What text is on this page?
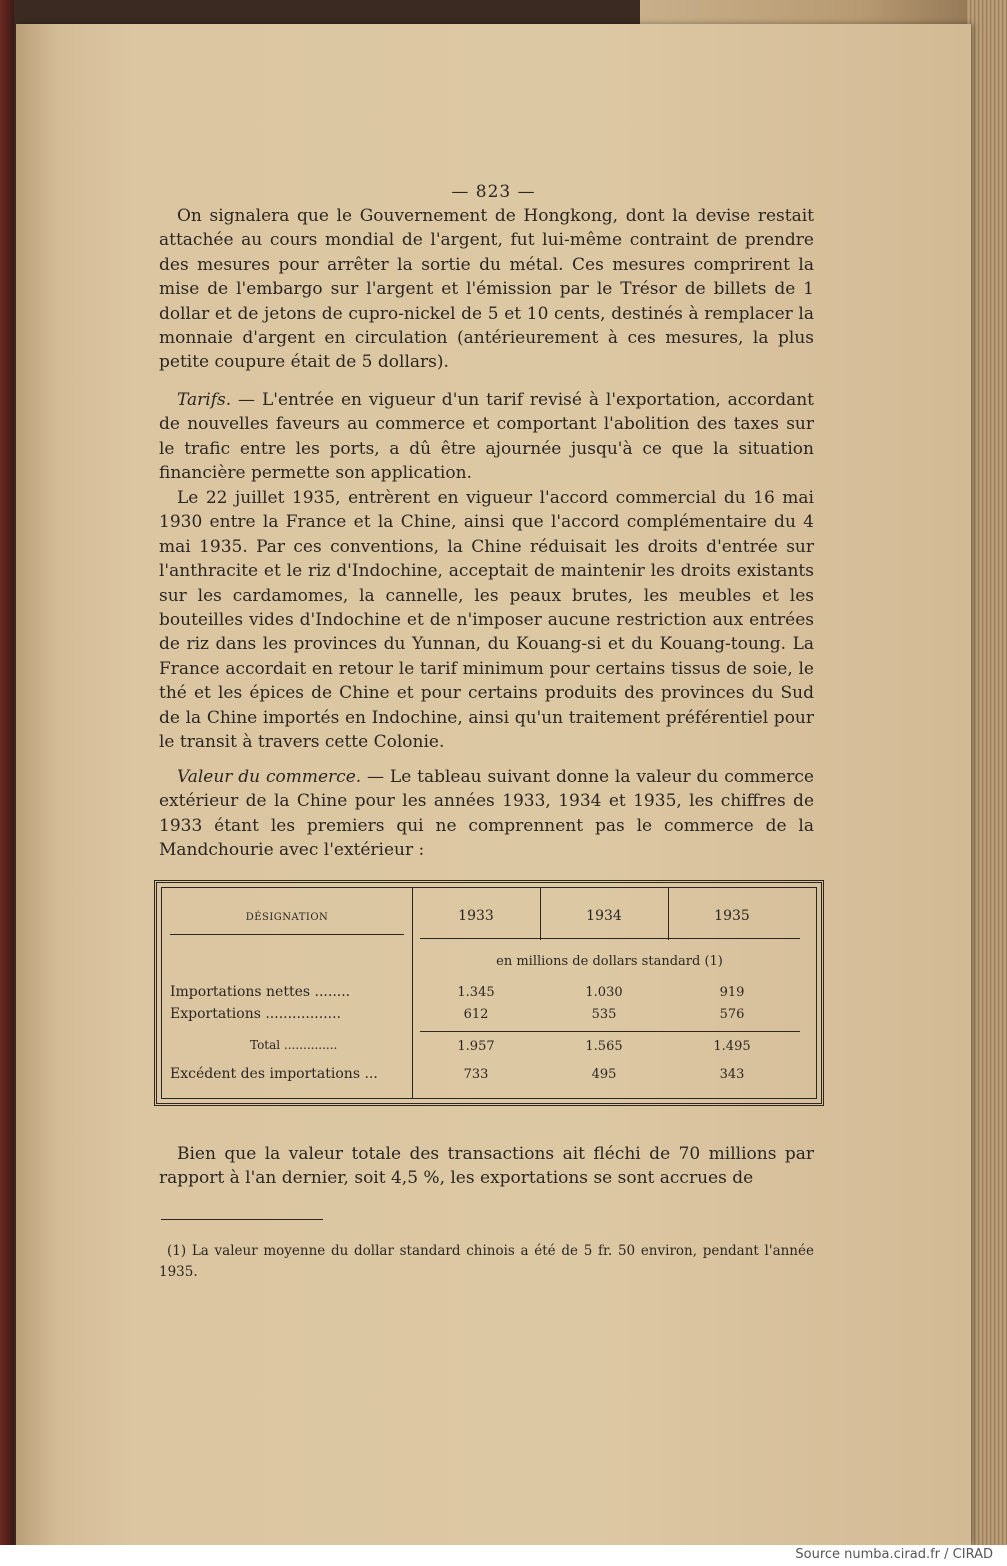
— 823 —

On signalera que le Gouvernement de Hongkong, dont la devise restait attachée au cours mondial de l'argent, fut lui-même contraint de prendre des mesures pour arrêter la sortie du métal. Ces mesures comprirent la mise de l'embargo sur l'argent et l'émission par le Trésor de billets de 1 dollar et de jetons de cupro-nickel de 5 et 10 cents, destinés à remplacer la monnaie d'argent en circulation (antérieurement à ces mesures, la plus petite coupure était de 5 dollars).

Tarifs. — L'entrée en vigueur d'un tarif revisé à l'exportation, accordant de nouvelles faveurs au commerce et comportant l'abolition des taxes sur le trafic entre les ports, a dû être ajournée jusqu'à ce que la situation financière permette son application.

Le 22 juillet 1935, entrèrent en vigueur l'accord commercial du 16 mai 1930 entre la France et la Chine, ainsi que l'accord complémentaire du 4 mai 1935. Par ces conventions, la Chine réduisait les droits d'entrée sur l'anthracite et le riz d'Indochine, acceptait de maintenir les droits existants sur les cardamomes, la cannelle, les peaux brutes, les meubles et les bouteilles vides d'Indochine et de n'imposer aucune restriction aux entrées de riz dans les provinces du Yunnan, du Kouang-si et du Kouang-toung. La France accordait en retour le tarif minimum pour certains tissus de soie, le thé et les épices de Chine et pour certains produits des provinces du Sud de la Chine importés en Indochine, ainsi qu'un traitement préférentiel pour le transit à travers cette Colonie.

Valeur du commerce. — Le tableau suivant donne la valeur du commerce extérieur de la Chine pour les années 1933, 1934 et 1935, les chiffres de 1933 étant les premiers qui ne comprennent pas le commerce de la Mandchourie avec l'extérieur :

DÉSIGNATION	1933	1934	1935
en millions de dollars standard (1)
Importations nettes ........	1.345	1.030	919
Exportations .................	612	535	576
Total ..............	1.957	1.565	1.495
Excédent des importations ...	733	495	343

Bien que la valeur totale des transactions ait fléchi de 70 millions par rapport à l'an dernier, soit 4,5 %, les exportations se sont accrues de

(1) La valeur moyenne du dollar standard chinois a été de 5 fr. 50 environ, pendant l'année 1935.

Source numba.cirad.fr / CIRAD
